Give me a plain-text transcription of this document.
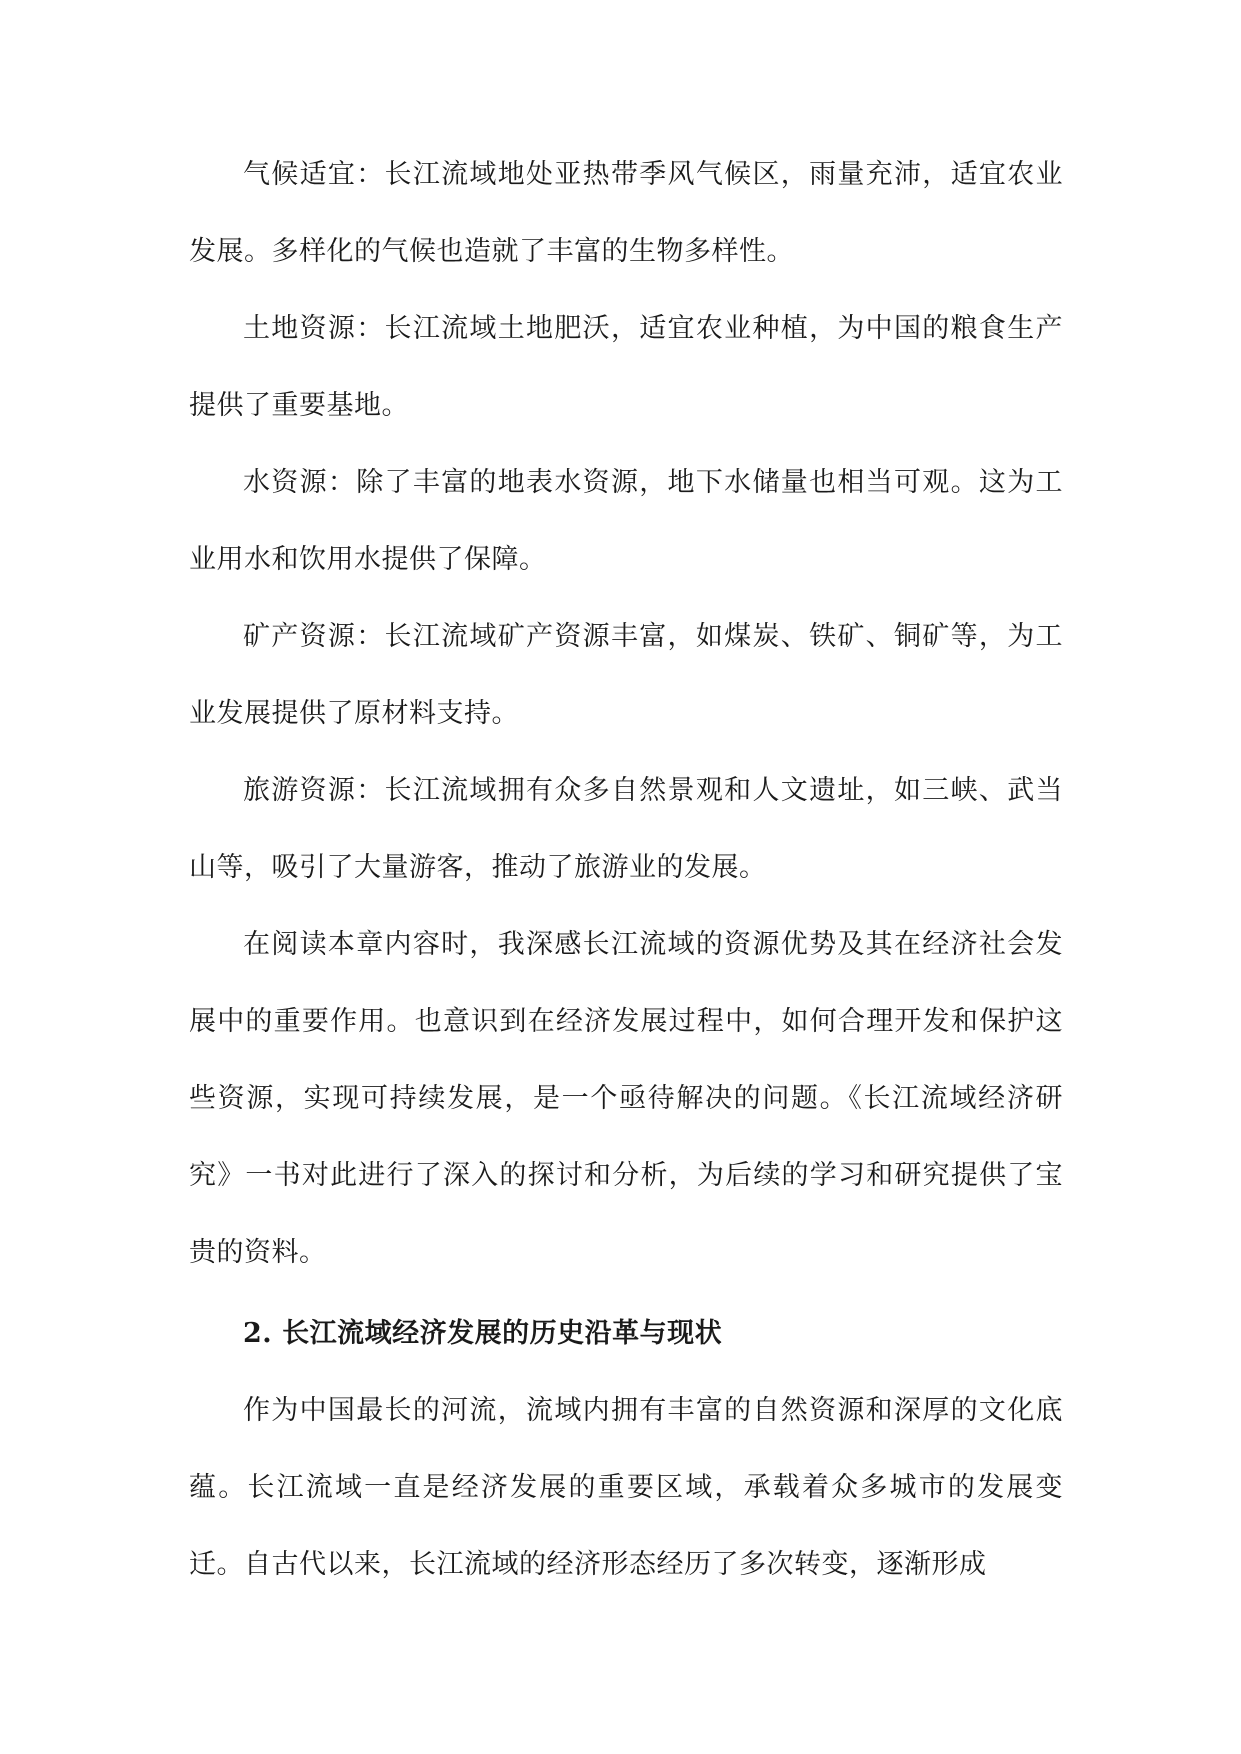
气候适宜：长江流域地处亚热带季风气候区，雨量充沛，适宜农业发展。多样化的气候也造就了丰富的生物多样性。

土地资源：长江流域土地肥沃，适宜农业种植，为中国的粮食生产提供了重要基地。

水资源：除了丰富的地表水资源，地下水储量也相当可观。这为工业用水和饮用水提供了保障。

矿产资源：长江流域矿产资源丰富，如煤炭、铁矿、铜矿等，为工业发展提供了原材料支持。

旅游资源：长江流域拥有众多自然景观和人文遗址，如三峡、武当山等，吸引了大量游客，推动了旅游业的发展。

在阅读本章内容时，我深感长江流域的资源优势及其在经济社会发展中的重要作用。也意识到在经济发展过程中，如何合理开发和保护这些资源，实现可持续发展，是一个亟待解决的问题。《长江流域经济研究》一书对此进行了深入的探讨和分析，为后续的学习和研究提供了宝贵的资料。

2. 长江流域经济发展的历史沿革与现状

作为中国最长的河流，流域内拥有丰富的自然资源和深厚的文化底蕴。长江流域一直是经济发展的重要区域，承载着众多城市的发展变迁。自古代以来，长江流域的经济形态经历了多次转变，逐渐形成
